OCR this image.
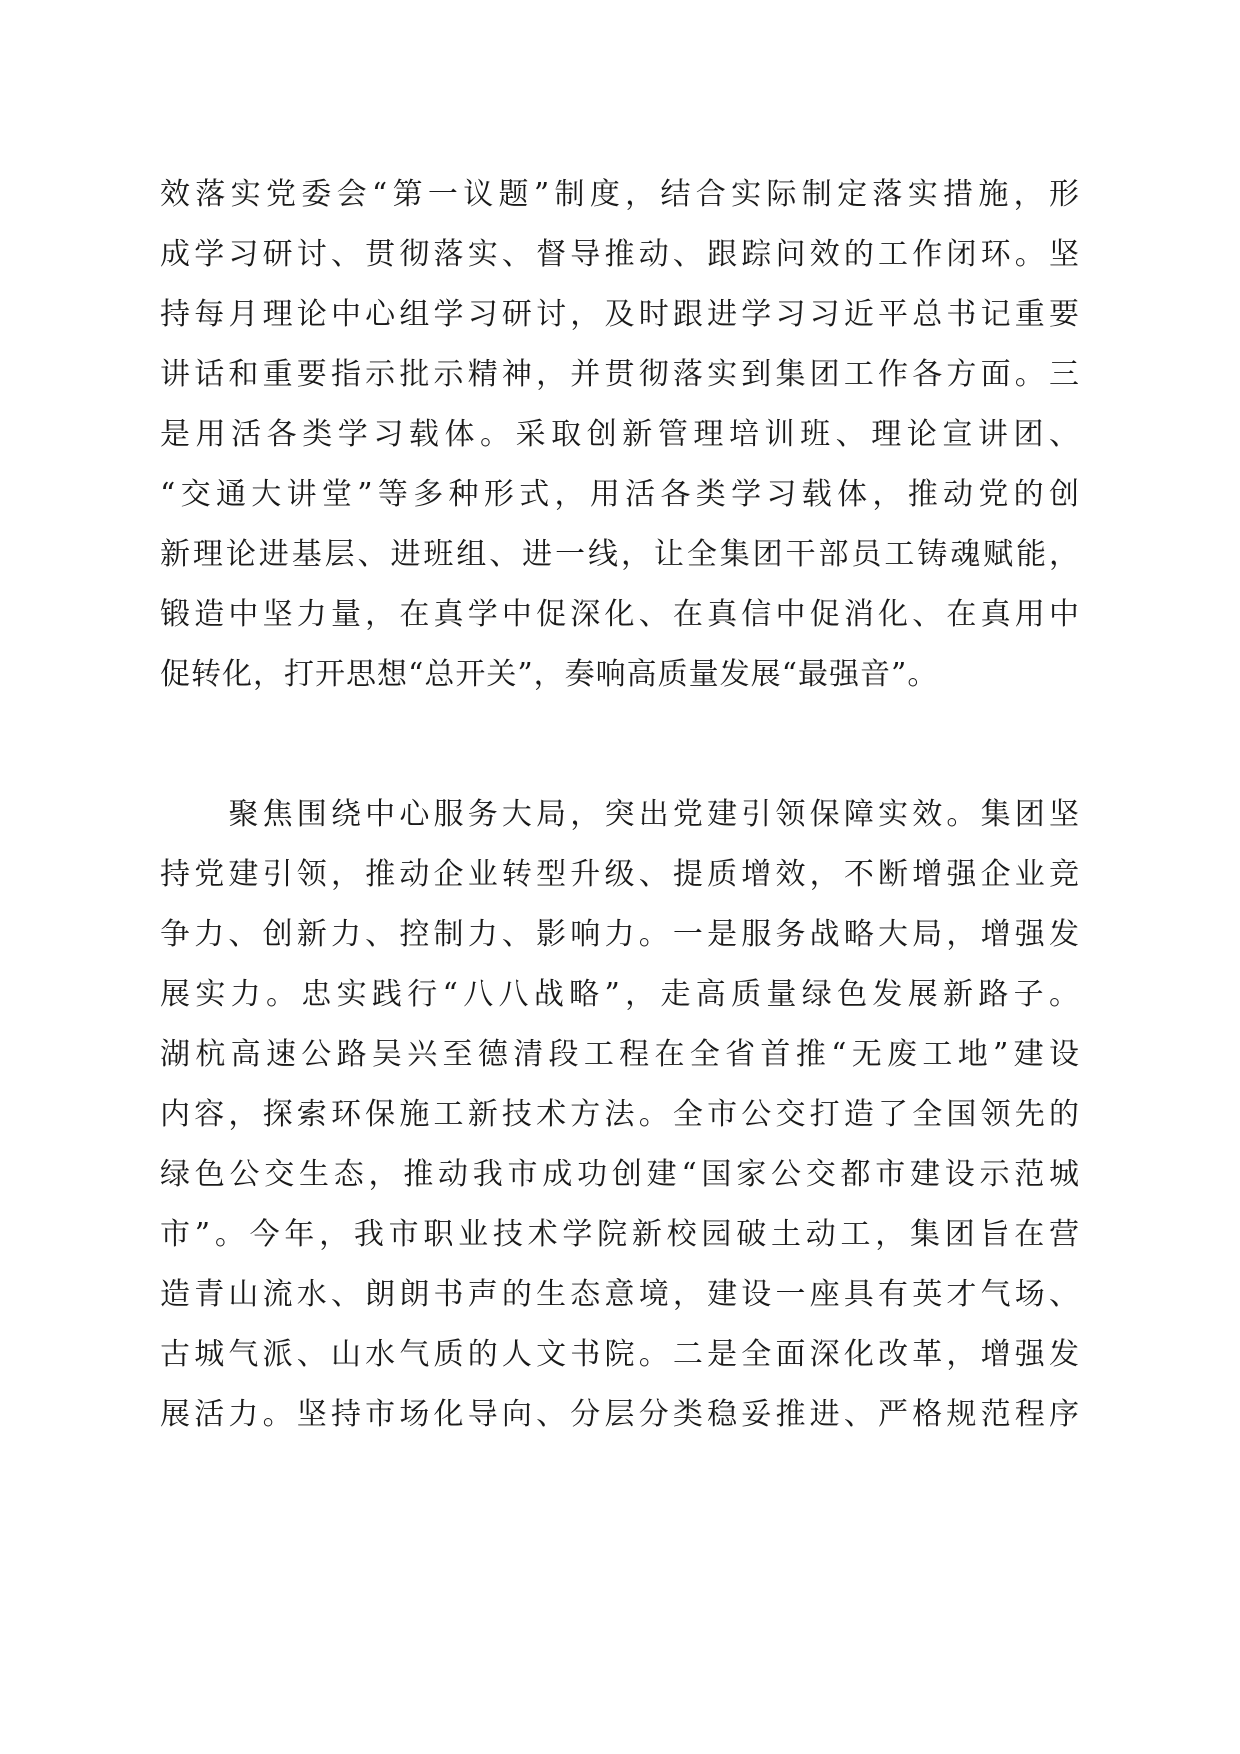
效落实党委会“第一议题”制度，结合实际制定落实措施，形
成学习研讨、贯彻落实、督导推动、跟踪问效的工作闭环。坚
持每月理论中心组学习研讨，及时跟进学习习近平总书记重要
讲话和重要指示批示精神，并贯彻落实到集团工作各方面。三
是用活各类学习载体。采取创新管理培训班、理论宣讲团、
“交通大讲堂”等多种形式，用活各类学习载体，推动党的创
新理论进基层、进班组、进一线，让全集团干部员工铸魂赋能，
锻造中坚力量，在真学中促深化、在真信中促消化、在真用中
促转化，打开思想“总开关”，奏响高质量发展“最强音”。
　　聚焦围绕中心服务大局，突出党建引领保障实效。集团坚
持党建引领，推动企业转型升级、提质增效，不断增强企业竞
争力、创新力、控制力、影响力。一是服务战略大局，增强发
展实力。忠实践行“八八战略”，走高质量绿色发展新路子。
湖杭高速公路吴兴至德清段工程在全省首推“无废工地”建设
内容，探索环保施工新技术方法。全市公交打造了全国领先的
绿色公交生态，推动我市成功创建“国家公交都市建设示范城
市”。今年，我市职业技术学院新校园破土动工，集团旨在营
造青山流水、朗朗书声的生态意境，建设一座具有英才气场、
古城气派、山水气质的人文书院。二是全面深化改革，增强发
展活力。坚持市场化导向、分层分类稳妥推进、严格规范程序
